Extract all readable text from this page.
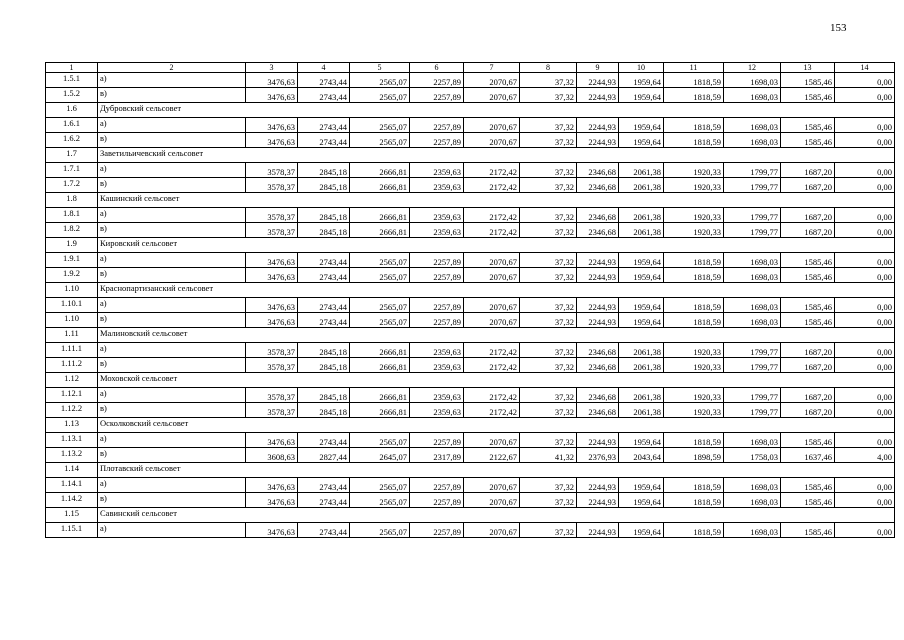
153
1	2	3	4	5	6	7	8	9	10	11	12	13	14
1.5.1	а)	3476,63	2743,44	2565,07	2257,89	2070,67	37,32	2244,93	1959,64	1818,59	1698,03	1585,46	0,00
1.5.2	в)	3476,63	2743,44	2565,07	2257,89	2070,67	37,32	2244,93	1959,64	1818,59	1698,03	1585,46	0,00
1.6	Дубровский сельсовет												
1.6.1	а)	3476,63	2743,44	2565,07	2257,89	2070,67	37,32	2244,93	1959,64	1818,59	1698,03	1585,46	0,00
1.6.2	в)	3476,63	2743,44	2565,07	2257,89	2070,67	37,32	2244,93	1959,64	1818,59	1698,03	1585,46	0,00
1.7	Заветильичевский сельсовет												
1.7.1	а)	3578,37	2845,18	2666,81	2359,63	2172,42	37,32	2346,68	2061,38	1920,33	1799,77	1687,20	0,00
1.7.2	в)	3578,37	2845,18	2666,81	2359,63	2172,42	37,32	2346,68	2061,38	1920,33	1799,77	1687,20	0,00
1.8	Кашинский сельсовет												
1.8.1	а)	3578,37	2845,18	2666,81	2359,63	2172,42	37,32	2346,68	2061,38	1920,33	1799,77	1687,20	0,00
1.8.2	в)	3578,37	2845,18	2666,81	2359,63	2172,42	37,32	2346,68	2061,38	1920,33	1799,77	1687,20	0,00
1.9	Кировский сельсовет												
1.9.1	а)	3476,63	2743,44	2565,07	2257,89	2070,67	37,32	2244,93	1959,64	1818,59	1698,03	1585,46	0,00
1.9.2	в)	3476,63	2743,44	2565,07	2257,89	2070,67	37,32	2244,93	1959,64	1818,59	1698,03	1585,46	0,00
1.10	Краснопартизанский сельсовет												
1.10.1	а)	3476,63	2743,44	2565,07	2257,89	2070,67	37,32	2244,93	1959,64	1818,59	1698,03	1585,46	0,00
1.10	в)	3476,63	2743,44	2565,07	2257,89	2070,67	37,32	2244,93	1959,64	1818,59	1698,03	1585,46	0,00
1.11	Малиновский сельсовет												
1.11.1	а)	3578,37	2845,18	2666,81	2359,63	2172,42	37,32	2346,68	2061,38	1920,33	1799,77	1687,20	0,00
1.11.2	в)	3578,37	2845,18	2666,81	2359,63	2172,42	37,32	2346,68	2061,38	1920,33	1799,77	1687,20	0,00
1.12	Моховской сельсовет												
1.12.1	а)	3578,37	2845,18	2666,81	2359,63	2172,42	37,32	2346,68	2061,38	1920,33	1799,77	1687,20	0,00
1.12.2	в)	3578,37	2845,18	2666,81	2359,63	2172,42	37,32	2346,68	2061,38	1920,33	1799,77	1687,20	0,00
1.13	Осколковский сельсовет												
1.13.1	а)	3476,63	2743,44	2565,07	2257,89	2070,67	37,32	2244,93	1959,64	1818,59	1698,03	1585,46	0,00
1.13.2	в)	3608,63	2827,44	2645,07	2317,89	2122,67	41,32	2376,93	2043,64	1898,59	1758,03	1637,46	4,00
1.14	Плотавский сельсовет												
1.14.1	а)	3476,63	2743,44	2565,07	2257,89	2070,67	37,32	2244,93	1959,64	1818,59	1698,03	1585,46	0,00
1.14.2	в)	3476,63	2743,44	2565,07	2257,89	2070,67	37,32	2244,93	1959,64	1818,59	1698,03	1585,46	0,00
1.15	Савинский сельсовет												
1.15.1	а)	3476,63	2743,44	2565,07	2257,89	2070,67	37,32	2244,93	1959,64	1818,59	1698,03	1585,46	0,00
